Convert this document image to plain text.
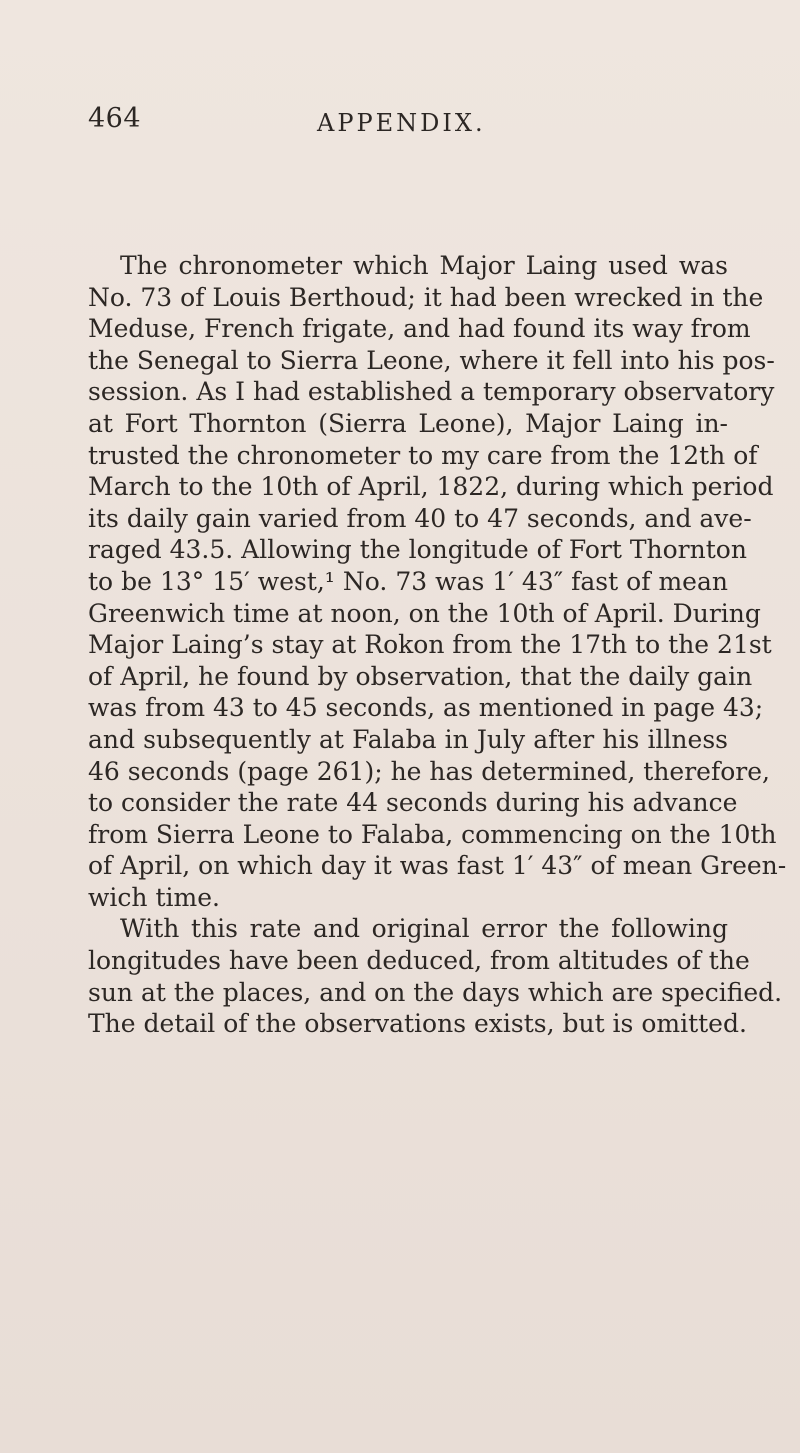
464	APPENDIX.
The chronometer which Major Laing used was
No. 73 of Louis Berthoud; it had been wrecked in the
Meduse, French frigate, and had found its way from
the Senegal to Sierra Leone, where it fell into his pos-
session. As I had established a temporary observatory
at Fort Thornton (Sierra Leone), Major Laing in-
trusted the chronometer to my care from the 12th of
March to the 10th of April, 1822, during which period
its daily gain varied from 40 to 47 seconds, and ave-
raged 43.5. Allowing the longitude of Fort Thornton
to be 13° 15′ west,¹ No. 73 was 1′ 43″ fast of mean
Greenwich time at noon, on the 10th of April. During
Major Laing’s stay at Rokon from the 17th to the 21st
of April, he found by observation, that the daily gain
was from 43 to 45 seconds, as mentioned in page 43;
and subsequently at Falaba in July after his illness
46 seconds (page 261); he has determined, therefore,
to consider the rate 44 seconds during his advance
from Sierra Leone to Falaba, commencing on the 10th
of April, on which day it was fast 1′ 43″ of mean Green-
wich time.
With this rate and original error the following
longitudes have been deduced, from altitudes of the
sun at the places, and on the days which are specified.
The detail of the observations exists, but is omitted.
